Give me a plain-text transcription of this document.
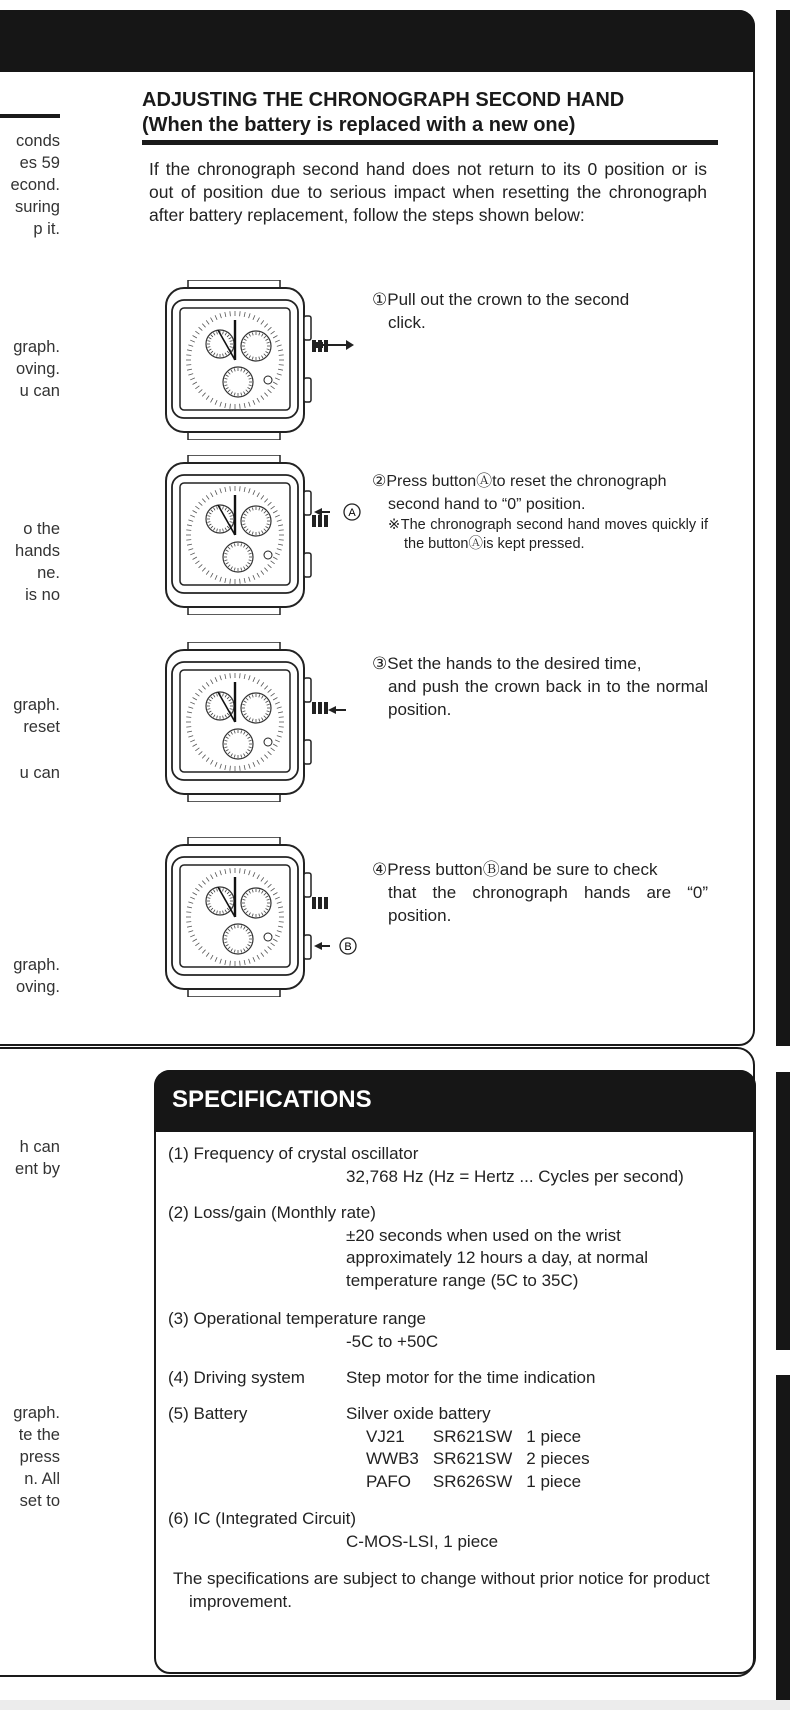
ADJUSTING THE CHRONOGRAPH SECOND HAND
(When the battery is replaced with a new one)
If the chronograph second hand does not return to its 0 position or is out of position due to serious impact when resetting the chronograph after battery replacement, follow the steps shown below:
conds
es 59
econd.
suring
p it.
graph.
oving.
u can
o the
hands
ne.
is no
graph.
reset
u can
graph.
oving.
h can
ent by
graph.
te the
press
n. All
set to
A
B
①Pull out the crown to the second
click.
②Press buttonⒶto reset the chronograph
second hand to “0” position.
※The chronograph second hand moves quickly if the buttonⒶis kept pressed.
③Set the hands to the desired time,
and push the crown back in to the normal position.
④Press buttonⒷand be sure to check
that the chronograph hands are “0” position.
SPECIFICATIONS
(1) Frequency of crystal oscillator
32,768 Hz (Hz = Hertz ... Cycles per second)
(2) Loss/gain (Monthly rate)
±20 seconds when used on the wrist approximately 12 hours a day, at normal temperature range (5C to 35C)
(3) Operational temperature range
-5C to +50C
(4) Driving system Step motor for the time indication
(5) Battery	Silver oxide battery
VJ21	SR621SW	1 piece
WWB3	SR621SW	2 pieces
PAFO	SR626SW	1 piece
(6) IC (Integrated Circuit)
C-MOS-LSI, 1 piece
The specifications are subject to change without prior notice for product improvement.
